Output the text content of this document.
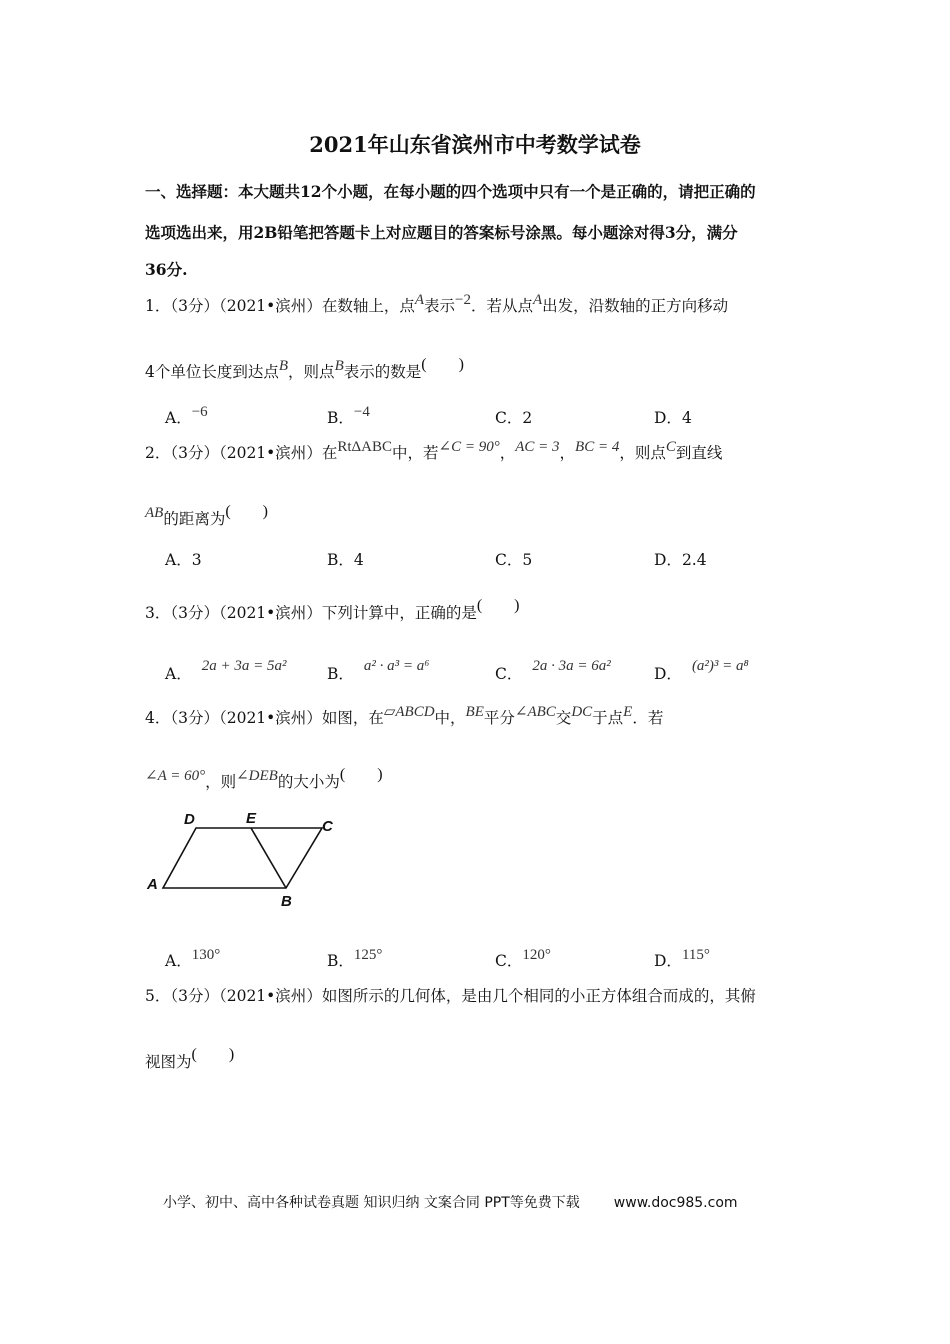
2021年山东省滨州市中考数学试卷
一、选择题：本大题共12个小题，在每小题的四个选项中只有一个是正确的，请把正确的
选项选出来，用2B铅笔把答题卡上对应题目的答案标号涂黑。每小题涂对得3分，满分
36分.
1．（3分）（2021•滨州）在数轴上，点A表示−2．若从点A出发，沿数轴的正方向移动
4个单位长度到达点B，则点B表示的数是(　　)
A．−6	B．−4	C．2	D．4
2．（3分）（2021•滨州）在RtΔABC中，若∠C = 90°，AC = 3，BC = 4，则点C到直线
AB的距离为(　　)
A．3	B．4	C．5	D．2.4
3．（3分）（2021•滨州）下列计算中，正确的是(　　)
A． 2a + 3a = 5a²	B． a² · a³ = a⁶	C． 2a · 3a = 6a²	D． (a²)³ = a⁸
4．（3分）（2021•滨州）如图，在▱ABCD中，BE平分∠ABC交DC于点E．若
∠A = 60°，则∠DEB的大小为(　　)
D	E	C
A
B
A．130°	B．125°	C．120°	D．115°
5．（3分）（2021•滨州）如图所示的几何体，是由几个相同的小正方体组合而成的，其俯
视图为(　　)
小学、初中、高中各种试卷真题 知识归纳 文案合同 PPT等免费下载 www.doc985.com
